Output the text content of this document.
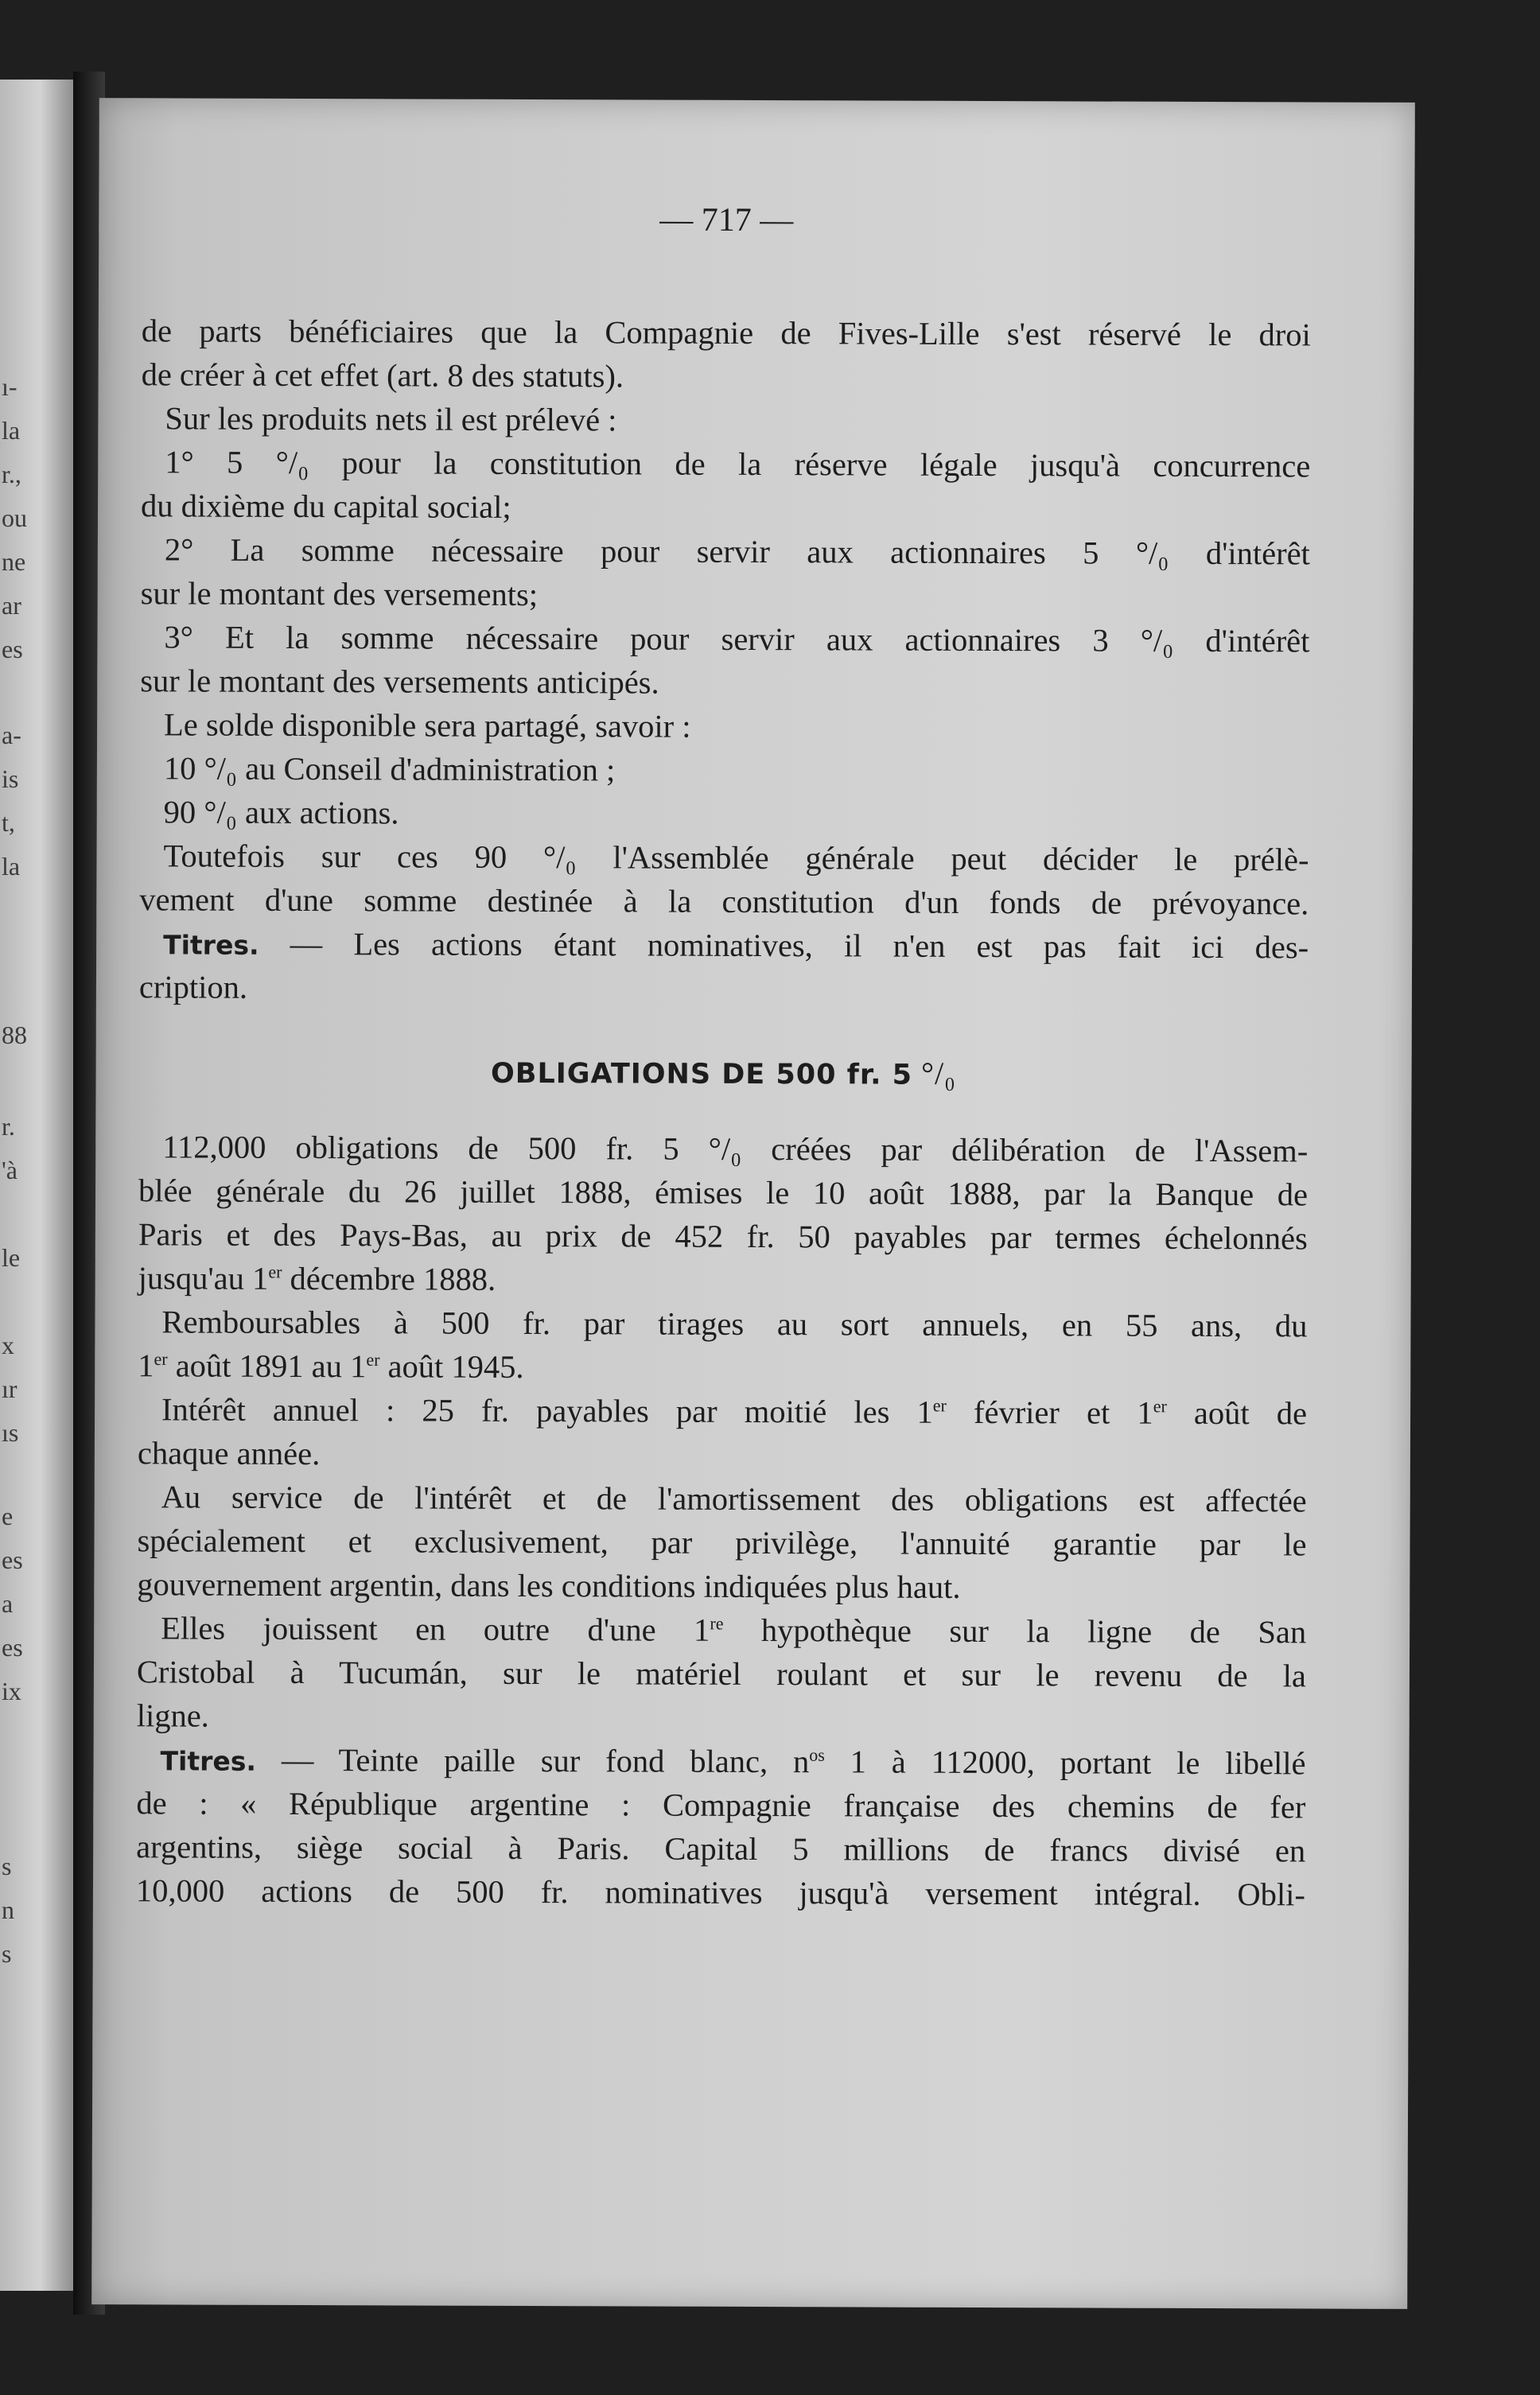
ı-
la
r.,
ou
ne
ar
es
a-
is
t,
la
88
r.
'à
le
x
ır
ıs
e
es
a
es
ix
s
n
s
— 717 —
de parts bénéficiaires que la Compagnie de Fives-Lille s'est réservé le droi
de créer à cet effet (art. 8 des statuts).
Sur les produits nets il est prélevé :
1° 5 °/₀ pour la constitution de la réserve légale jusqu'à concurrence
du dixième du capital social;
2° La somme nécessaire pour servir aux actionnaires 5 °/₀ d'intérêt
sur le montant des versements;
3° Et la somme nécessaire pour servir aux actionnaires 3 °/₀ d'intérêt
sur le montant des versements anticipés.
Le solde disponible sera partagé, savoir :
10 °/₀ au Conseil d'administration ;
90 °/₀ aux actions.
Toutefois sur ces 90 °/₀ l'Assemblée générale peut décider le prélè-
vement d'une somme destinée à la constitution d'un fonds de prévoyance.
Titres. — Les actions étant nominatives, il n'en est pas fait ici des-
cription.
OBLIGATIONS DE 500 fr. 5 °/₀
112,000 obligations de 500 fr. 5 °/₀ créées par délibération de l'Assem-
blée générale du 26 juillet 1888, émises le 10 août 1888, par la Banque de
Paris et des Pays-Bas, au prix de 452 fr. 50 payables par termes échelonnés
jusqu'au 1er décembre 1888.
Remboursables à 500 fr. par tirages au sort annuels, en 55 ans, du
1er août 1891 au 1er août 1945.
Intérêt annuel : 25 fr. payables par moitié les 1er février et 1er août de
chaque année.
Au service de l'intérêt et de l'amortissement des obligations est affectée
spécialement et exclusivement, par privilège, l'annuité garantie par le
gouvernement argentin, dans les conditions indiquées plus haut.
Elles jouissent en outre d'une 1re hypothèque sur la ligne de San
Cristobal à Tucumán, sur le matériel roulant et sur le revenu de la
ligne.
Titres. — Teinte paille sur fond blanc, $n^{os}$ 1 à 112000, portant le libellé
de : « République argentine : Compagnie française des chemins de fer
argentins, siège social à Paris. Capital 5 millions de francs divisé en
10,000 actions de 500 fr. nominatives jusqu'à versement intégral. Obli-
